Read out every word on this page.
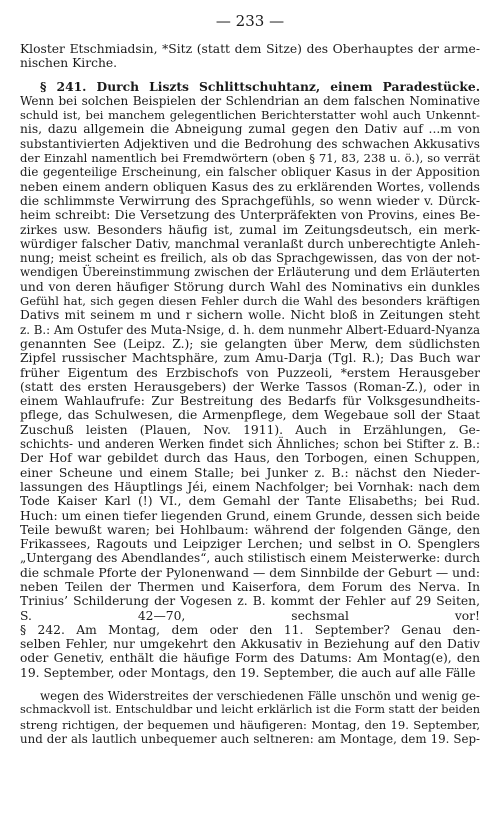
— 233 —
Kloster Etschmiadsin, *Sitz (statt dem Sitze) des Oberhauptes der arme-
nischen Kirche.
§ 241. Durch Liszts Schlittschuhtanz, einem Paradestücke.
Wenn bei solchen Beispielen der Schlendrian an dem falschen Nominative
schuld ist, bei manchem gelegentlichen Berichterstatter wohl auch Unkennt-
nis, dazu allgemein die Abneigung zumal gegen den Dativ auf ...m von
substantivierten Adjektiven und die Bedrohung des schwachen Akkusativs
der Einzahl namentlich bei Fremdwörtern (oben § 71, 83, 238 u. ö.), so verrät
die gegenteilige Erscheinung, ein falscher obliquer Kasus in der Apposition
neben einem andern obliquen Kasus des zu erklärenden Wortes, vollends
die schlimmste Verwirrung des Sprachgefühls, so wenn wieder v. Dürck-
heim schreibt: Die Versetzung des Unterpräfekten von Provins, eines Be-
zirkes usw. Besonders häufig ist, zumal im Zeitungsdeutsch, ein merk-
würdiger falscher Dativ, manchmal veranlaßt durch unberechtigte Anleh-
nung; meist scheint es freilich, als ob das Sprachgewissen, das von der not-
wendigen Übereinstimmung zwischen der Erläuterung und dem Erläuterten
und von deren häufiger Störung durch Wahl des Nominativs ein dunkles
Gefühl hat, sich gegen diesen Fehler durch die Wahl des besonders kräftigen
Dativs mit seinem m und r sichern wolle. Nicht bloß in Zeitungen steht
z. B.: Am Ostufer des Muta-Nsige, d. h. dem nunmehr Albert-Eduard-Nyanza
genannten See (Leipz. Z.); sie gelangten über Merw, dem südlichsten
Zipfel russischer Machtsphäre, zum Amu-Darja (Tgl. R.); Das Buch war
früher Eigentum des Erzbischofs von Puzzeoli, *erstem Herausgeber
(statt des ersten Herausgebers) der Werke Tassos (Roman-Z.), oder in
einem Wahlaufrufe: Zur Bestreitung des Bedarfs für Volksgesundheits-
pflege, das Schulwesen, die Armenpflege, dem Wegebaue soll der Staat
Zuschuß leisten (Plauen, Nov. 1911). Auch in Erzählungen, Ge-
schichts- und anderen Werken findet sich Ähnliches; schon bei Stifter z. B.:
Der Hof war gebildet durch das Haus, den Torbogen, einen Schuppen,
einer Scheune und einem Stalle; bei Junker z. B.: nächst den Nieder-
lassungen des Häuptlings Jéi, einem Nachfolger; bei Vornhak: nach dem
Tode Kaiser Karl (!) VI., dem Gemahl der Tante Elisabeths; bei Rud.
Huch: um einen tiefer liegenden Grund, einem Grunde, dessen sich beide
Teile bewußt waren; bei Hohlbaum: während der folgenden Gänge, den
Frikassees, Ragouts und Leipziger Lerchen; und selbst in O. Spenglers
„Untergang des Abendlandes“, auch stilistisch einem Meisterwerke: durch
die schmale Pforte der Pylonenwand — dem Sinnbilde der Geburt — und:
neben Teilen der Thermen und Kaiserfora, dem Forum des Nerva. In
Trinius’ Schilderung der Vogesen z. B. kommt der Fehler auf 29 Seiten,
S. 42—70, sechsmal vor!
§ 242. Am Montag, dem oder den 11. September? Genau den-
selben Fehler, nur umgekehrt den Akkusativ in Beziehung auf den Dativ
oder Genetiv, enthält die häufige Form des Datums: Am Montag(e), den
19. September, oder Montags, den 19. September, die auch auf alle Fälle
wegen des Widerstreites der verschiedenen Fälle unschön und wenig ge-
schmackvoll ist. Entschuldbar und leicht erklärlich ist die Form statt der beiden
streng richtigen, der bequemen und häufigeren: Montag, den 19. September,
und der als lautlich unbequemer auch seltneren: am Montage, dem 19. Sep-
